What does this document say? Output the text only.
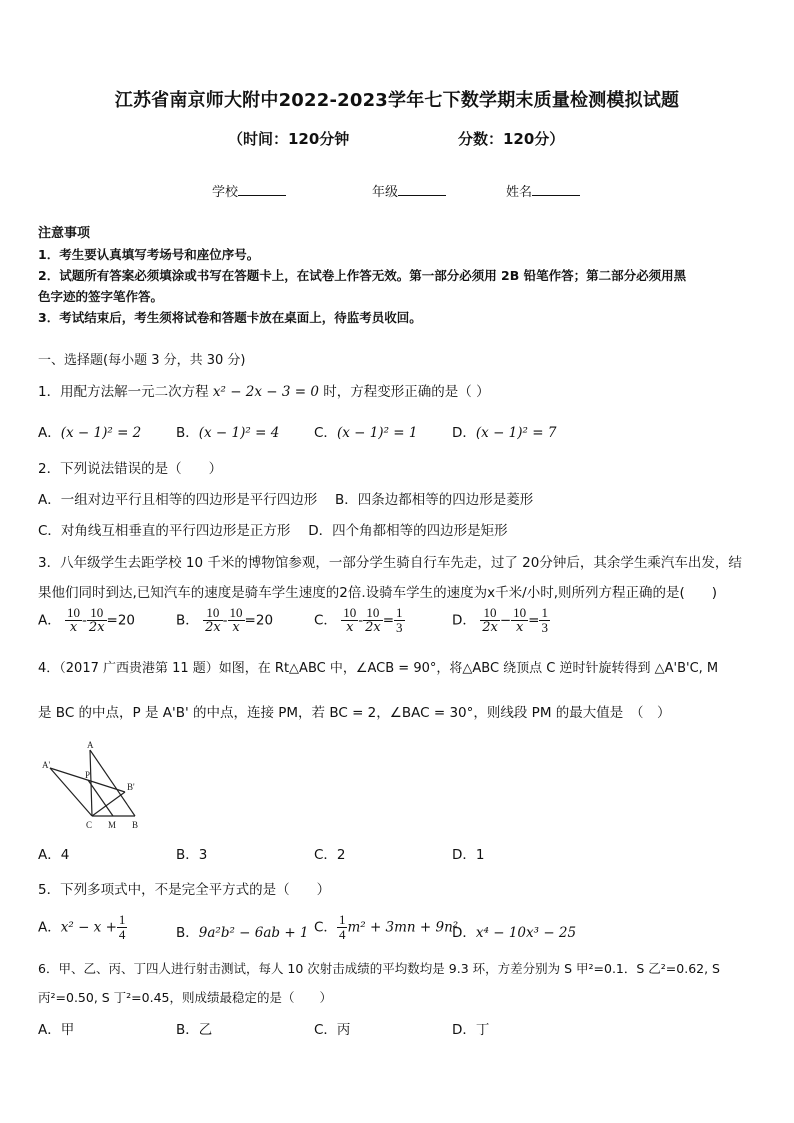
江苏省南京师大附中2022-2023学年七下数学期末质量检测模拟试题
（时间：120分钟	分数：120分）
学校	年级	姓名
注意事项
1．考生要认真填写考场号和座位序号。
2．试题所有答案必须填涂或书写在答题卡上，在试卷上作答无效。第一部分必须用 2B 铅笔作答；第二部分必须用黑
色字迹的签字笔作答。
3．考试结束后，考生须将试卷和答题卡放在桌面上，待监考员收回。
一、选择题(每小题 3 分，共 30 分)
1．用配方法解一元二次方程 x² − 2x − 3 = 0 时，方程变形正确的是（ ）
A．(x − 1)² = 2	B．(x − 1)² = 4	C．(x − 1)² = 1	D．(x − 1)² = 7
2．下列说法错误的是（　　）
A．一组对边平行且相等的四边形是平行四边形　 B．四条边都相等的四边形是菱形
C．对角线互相垂直的平行四边形是正方形　 D．四个角都相等的四边形是矩形
3．八年级学生去距学校 10 千米的博物馆参观，一部分学生骑自行车先走，过了 20分钟后，其余学生乘汽车出发，结
果他们同时到达,已知汽车的速度是骑车学生速度的2倍.设骑车学生的速度为x千米/小时,则所列方程正确的是(　　)
A． $\frac{10}{x} - \frac{10}{2x} =20$	B． $\frac{10}{2x} - \frac{10}{x} =20$	C． $\frac{10}{x} - \frac{10}{2x} = \frac{1}{3}$	D． $\frac{10}{2x} - \frac{10}{x} = \frac{1}{3}$
4．（2017 广西贵港第 11 题）如图，在 Rt△ABC 中，∠ACB = 90°，将△ABC 绕顶点 C 逆时针旋转得到 △A'B'C, M
是 BC 的中点，P 是 A'B' 的中点，连接 PM，若 BC = 2，∠BAC = 30°，则线段 PM 的最大值是　（　）
A
A'
P
B'
C M B
A．4	B．3	C．2	D．1
5．下列多项式中，不是完全平方式的是（　　）
A．$x^2 - x + \frac{1}{4}$	B．9a²b² − 6ab + 1 C． $\frac{1}{4} m^2 + 3mn + 9n^2$
D．x⁴ − 10x³ − 25
6．甲、乙、丙、丁四人进行射击测试，每人 10 次射击成绩的平均数均是 9.3 环，方差分别为 S 甲²=0.1．S 乙²=0.62, S
丙²=0.50, S 丁²=0.45，则成绩最稳定的是（　　）
A．甲	B．乙	C．丙	D．丁
